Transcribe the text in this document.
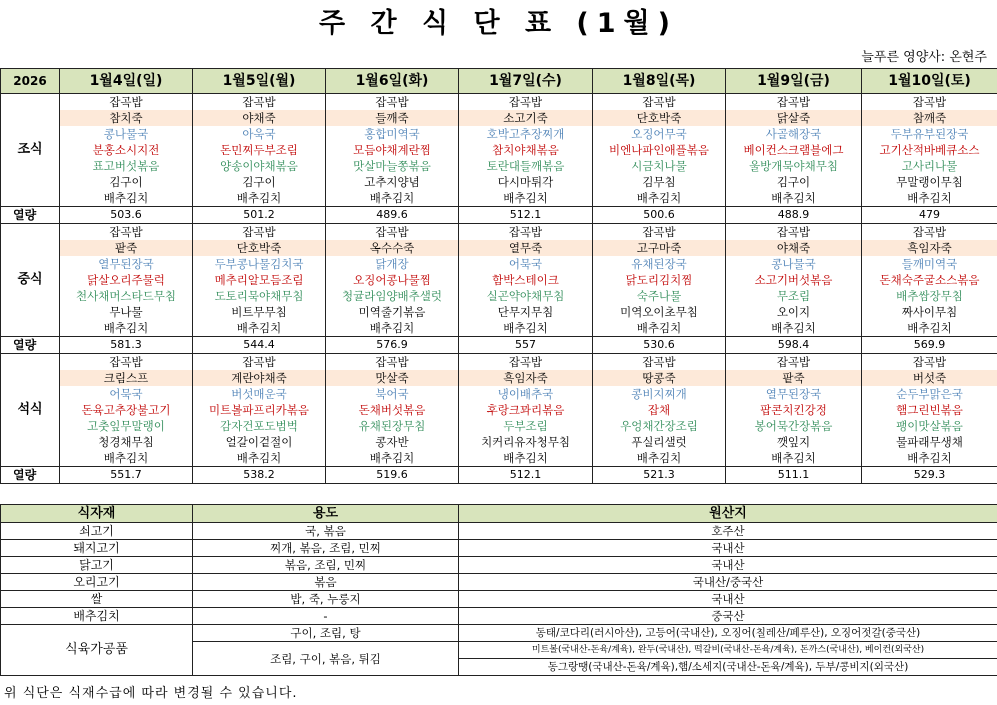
주 간 식 단 표 (1월)
늘푸른 영양사: 온현주
2026	1월4일(일)	1월5일(월)	1월6일(화)	1월7일(수)	1월8일(목)	1월9일(금)	1월10일(토)
조식	잡곡밥	잡곡밥	잡곡밥	잡곡밥	잡곡밥	잡곡밥	잡곡밥
	참치죽	야채죽	들깨죽	소고기죽	단호박죽	닭살죽	참깨죽
	콩나물국	아욱국	홍합미역국	호박고추장찌개	오징어무국	사골해장국	두부유부된장국
	분홍소시지전	돈민찌두부조림	모듬야채계란찜	참치야채볶음	비엔나파인애플볶음	베이컨스크램블에그	고기산적바베큐소스
	표고버섯볶음	양송이야채볶음	맛살마늘쫑볶음	토란대들깨볶음	시금치나물	울방개묵야채무침	고사리나물
	김구이	김구이	고추지양념	다시마튀각	김무침	김구이	무말랭이무침
	배추김치	배추김치	배추김치	배추김치	배추김치	배추김치	배추김치
열량	503.6	501.2	489.6	512.1	500.6	488.9	479
중식	잡곡밥	잡곡밥	잡곡밥	잡곡밥	잡곡밥	잡곡밥	잡곡밥
	팥죽	단호박죽	옥수수죽	열무죽	고구마죽	야채죽	흑임자죽
	열무된장국	두부콩나물김치국	닭개장	어묵국	유채된장국	콩나물국	들깨미역국
	닭살오리주물럭	메추리알모듬조림	오징어콩나물찜	함박스테이크	닭도리김치찜	소고기버섯볶음	돈채숙주굴소스볶음
	천사채머스타드무침	도토리묵야채무침	청귤라임양배추샐럿	실곤약야채무침	숙주나물	무조림	배추쌈장무침
	무나물	비트무무침	미역줄기볶음	단무지무침	미역오이초무침	오이지	짜사이무침
	배추김치	배추김치	배추김치	배추김치	배추김치	배추김치	배추김치
열량	581.3	544.4	576.9	557	530.6	598.4	569.9
석식	잡곡밥	잡곡밥	잡곡밥	잡곡밥	잡곡밥	잡곡밥	잡곡밥
	크림스프	계란야채죽	맛살죽	흑임자죽	땅콩죽	팥죽	버섯죽
	어묵국	버섯매운국	북어국	냉이배추국	콩비지찌개	열무된장국	순두부맑은국
	돈육고추장불고기	미트볼파프리카볶음	돈채버섯볶음	후랑크꽈리볶음	잡채	팝콘치킨강정	햄그린빈볶음
	고춧잎무말랭이	감자건포도범벅	유채된장무침	두부조림	우엉채간장조림	봉어묵간장볶음	팽이맛살볶음
	청경채무침	얼갈이겉절이	콩자반	치커리유자청무침	푸실리샐럿	깻잎지	물파래무생채
	배추김치	배추김치	배추김치	배추김치	배추김치	배추김치	배추김치
열량	551.7	538.2	519.6	512.1	521.3	511.1	529.3
식자재	용도	원산지
쇠고기	국, 볶음	호주산
돼지고기	찌개, 볶음, 조림, 민찌	국내산
닭고기	볶음, 조림, 민찌	국내산
오리고기	볶음	국내산/중국산
쌀	밥, 죽, 누룽지	국내산
배추김치	-	중국산
식육가공품	구이, 조림, 탕	동태/코다리(러시아산), 고등어(국내산), 오징어(칠레산/페루산), 오징어젓갈(중국산)
	조림, 구이, 볶음, 튀김	미트볼(국내산-돈육/계육), 완두(국내산), 떡갈비(국내산-돈육/계육), 돈까스(국내산), 베이컨(외국산)
		동그랑땡(국내산-돈육/계육),햄/소세지(국내산-돈육/계육), 두부/콩비지(외국산)
위 식단은 식재수급에 따라 변경될 수 있습니다.
